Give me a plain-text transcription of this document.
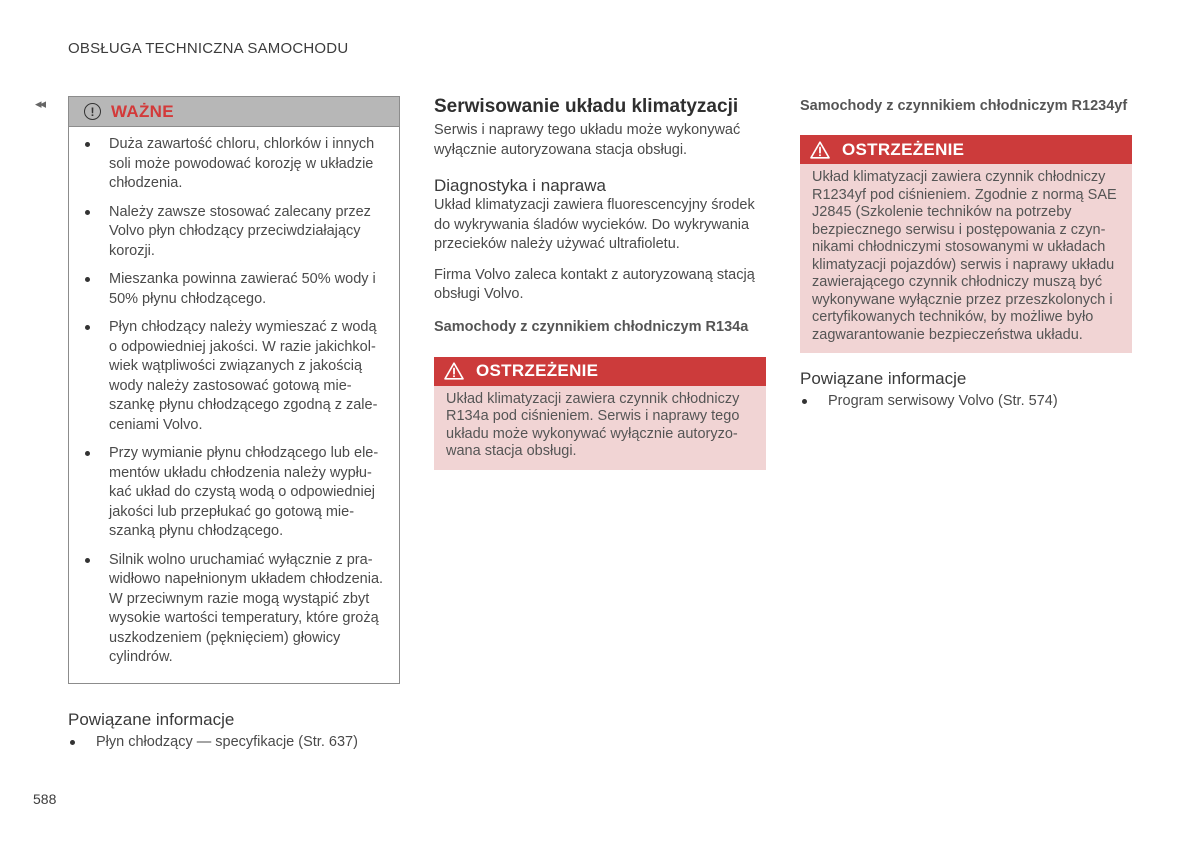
OBSŁUGA TECHNICZNA SAMOCHODU
◂◂
! WAŻNE
Duża zawartość chloru, chlorków i innych soli może powodować korozję w układzie chłodzenia.
Należy zawsze stosować zalecany przez Volvo płyn chłodzący przeciwdziałający korozji.
Mieszanka powinna zawierać 50% wody i 50% płynu chłodzącego.
Płyn chłodzący należy wymieszać z wodą o odpowiedniej jakości. W razie jakichkolwiek wątpliwości związanych z jakością wody należy zastosować gotową mieszankę płynu chłodzącego zgodną z zaleceniami Volvo.
Przy wymianie płynu chłodzącego lub elementów układu chłodzenia należy wypłukać układ do czystą wodą o odpowiedniej jakości lub przepłukać go gotową mieszanką płynu chłodzącego.
Silnik wolno uruchamiać wyłącznie z prawidłowo napełnionym układem chłodzenia. W przeciwnym razie mogą wystąpić zbyt wysokie wartości temperatury, które grożą uszkodzeniem (pęknięciem) głowicy cylindrów.
Powiązane informacje
Płyn chłodzący — specyfikacje (Str. 637)
Serwisowanie układu klimatyzacji

Serwis i naprawy tego układu może wykonywać wyłącznie autoryzowana stacja obsługi.

Diagnostyka i naprawa

Układ klimatyzacji zawiera fluorescencyjny środek do wykrywania śladów wycieków. Do wykrywania przecieków należy używać ultrafioletu.

Firma Volvo zaleca kontakt z autoryzowaną stacją obsługi Volvo.

Samochody z czynnikiem chłodniczym R134a
OSTRZEŻENIE
Układ klimatyzacji zawiera czynnik chłodniczy R134a pod ciśnieniem. Serwis i naprawy tego układu może wykonywać wyłącznie autoryzowana stacja obsługi.
Samochody z czynnikiem chłodniczym R1234yf
OSTRZEŻENIE
Układ klimatyzacji zawiera czynnik chłodniczy R1234yf pod ciśnieniem. Zgodnie z normą SAE J2845 (Szkolenie techników na potrzeby bezpiecznego serwisu i postępowania z czynnikami chłodniczymi stosowanymi w układach klimatyzacji pojazdów) serwis i naprawy układu zawierającego czynnik chłodniczy muszą być wykonywane wyłącznie przez przeszkolonych i certyfikowanych techników, by możliwe było zagwarantowanie bezpieczeństwa układu.
Powiązane informacje
Program serwisowy Volvo (Str. 574)
588
